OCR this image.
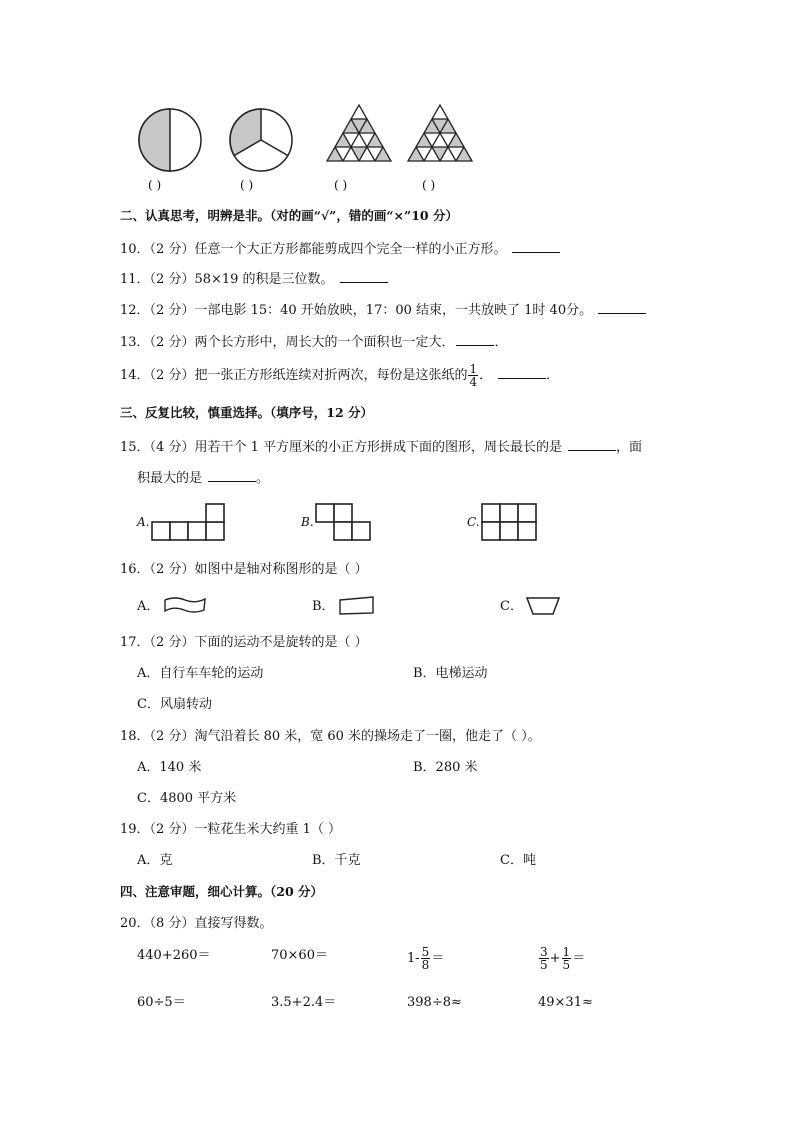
( )	( )	( )	( )
二、认真思考，明辨是非。（对的画“√”，错的画“×”10 分）
10．（2 分）任意一个大正方形都能剪成四个完全一样的小正方形。
11．（2 分）58×19 的积是三位数。
12．（2 分）一部电影 15：40 开始放映，17：00 结束，一共放映了 1时 40分。
13．（2 分）两个长方形中，周长大的一个面积也一定大．	．
14．（2 分）把一张正方形纸连续对折两次，每份是这张纸的 $\frac{1}{4}$ ．	．
三、反复比较，慎重选择。（填序号，12 分）
15．（4 分）用若干个 1 平方厘米的小正方形拼成下面的图形，周长最长的是	，面
积最大的是	。
A.	B.	C.
16．（2 分）如图中是轴对称图形的是（ ）
A．	B．	C．
17．（2 分）下面的运动不是旋转的是（ ）
A．自行车车轮的运动	B．电梯运动
C．风扇转动
18．（2 分）淘气沿着长 80 米，宽 60 米的操场走了一圈，他走了（ ）。
A．140 米	B．280 米
C．4800 平方米
19．（2 分）一粒花生米大约重 1（ ）
A．克	B．千克	C．吨
四、注意审题，细心计算。（20 分）
20．（8 分）直接写得数。
440+260＝	70×60＝	$1- \frac{5}{8}$ ＝	$\frac{3}{5} + \frac{1}{5}$ ＝
60÷5＝	3.5+2.4＝	398÷8≈	49×31≈
